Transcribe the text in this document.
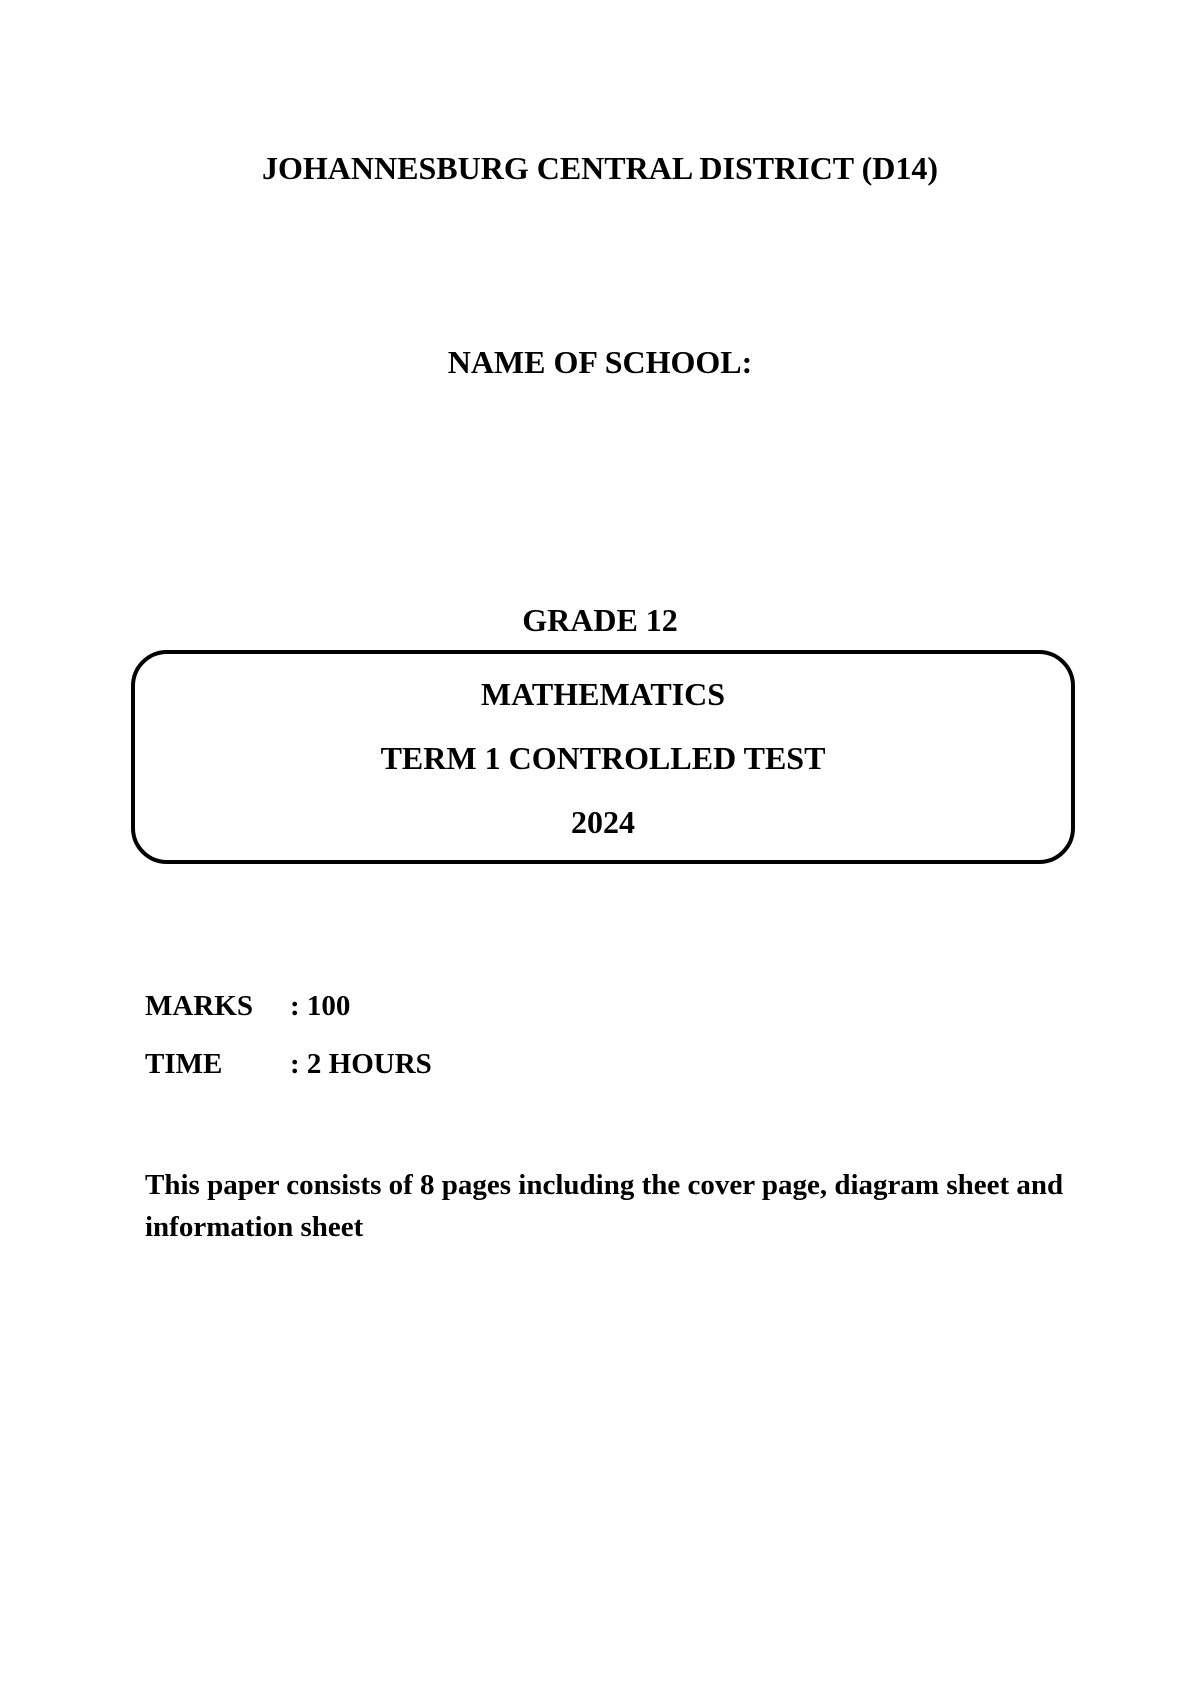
JOHANNESBURG CENTRAL DISTRICT (D14)
NAME OF SCHOOL:
GRADE 12
MATHEMATICS
TERM 1 CONTROLLED TEST
2024
MARKS : 100
TIME : 2 HOURS
This paper consists of 8 pages including the cover page, diagram sheet and information sheet
